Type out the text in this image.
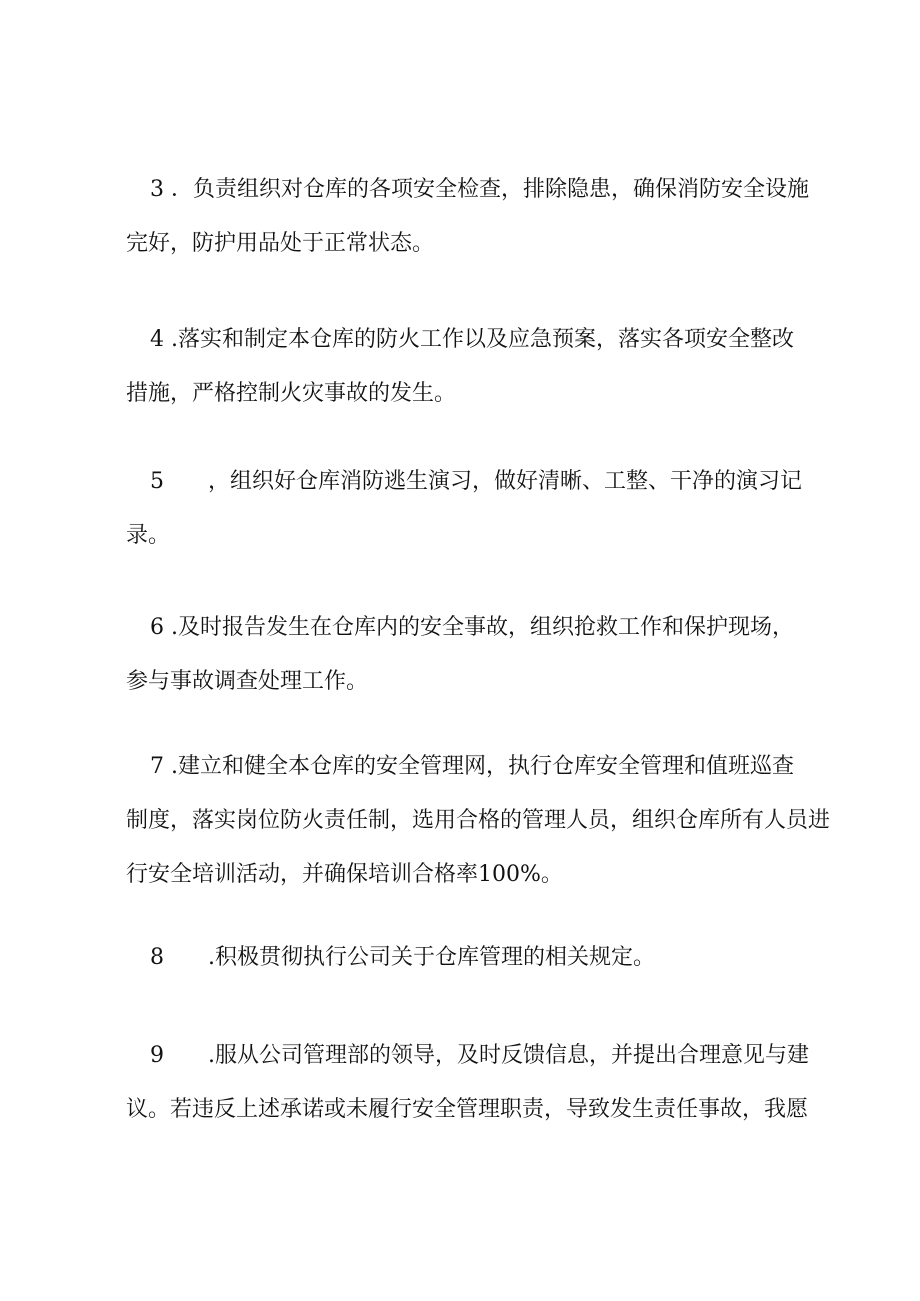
3 ．负责组织对仓库的各项安全检查，排除隐患，确保消防安全设施
完好，防护用品处于正常状态。

4 .落实和制定本仓库的防火工作以及应急预案，落实各项安全整改
措施，严格控制火灾事故的发生。

5　　，组织好仓库消防逃生演习，做好清晰、工整、干净的演习记
录。

6 .及时报告发生在仓库内的安全事故，组织抢救工作和保护现场，
参与事故调查处理工作。

7 .建立和健全本仓库的安全管理网，执行仓库安全管理和值班巡查
制度，落实岗位防火责任制，选用合格的管理人员，组织仓库所有人员进
行安全培训活动，并确保培训合格率100%。

8　　.积极贯彻执行公司关于仓库管理的相关规定。

9　　.服从公司管理部的领导，及时反馈信息，并提出合理意见与建
议。若违反上述承诺或未履行安全管理职责，导致发生责任事故，我愿
